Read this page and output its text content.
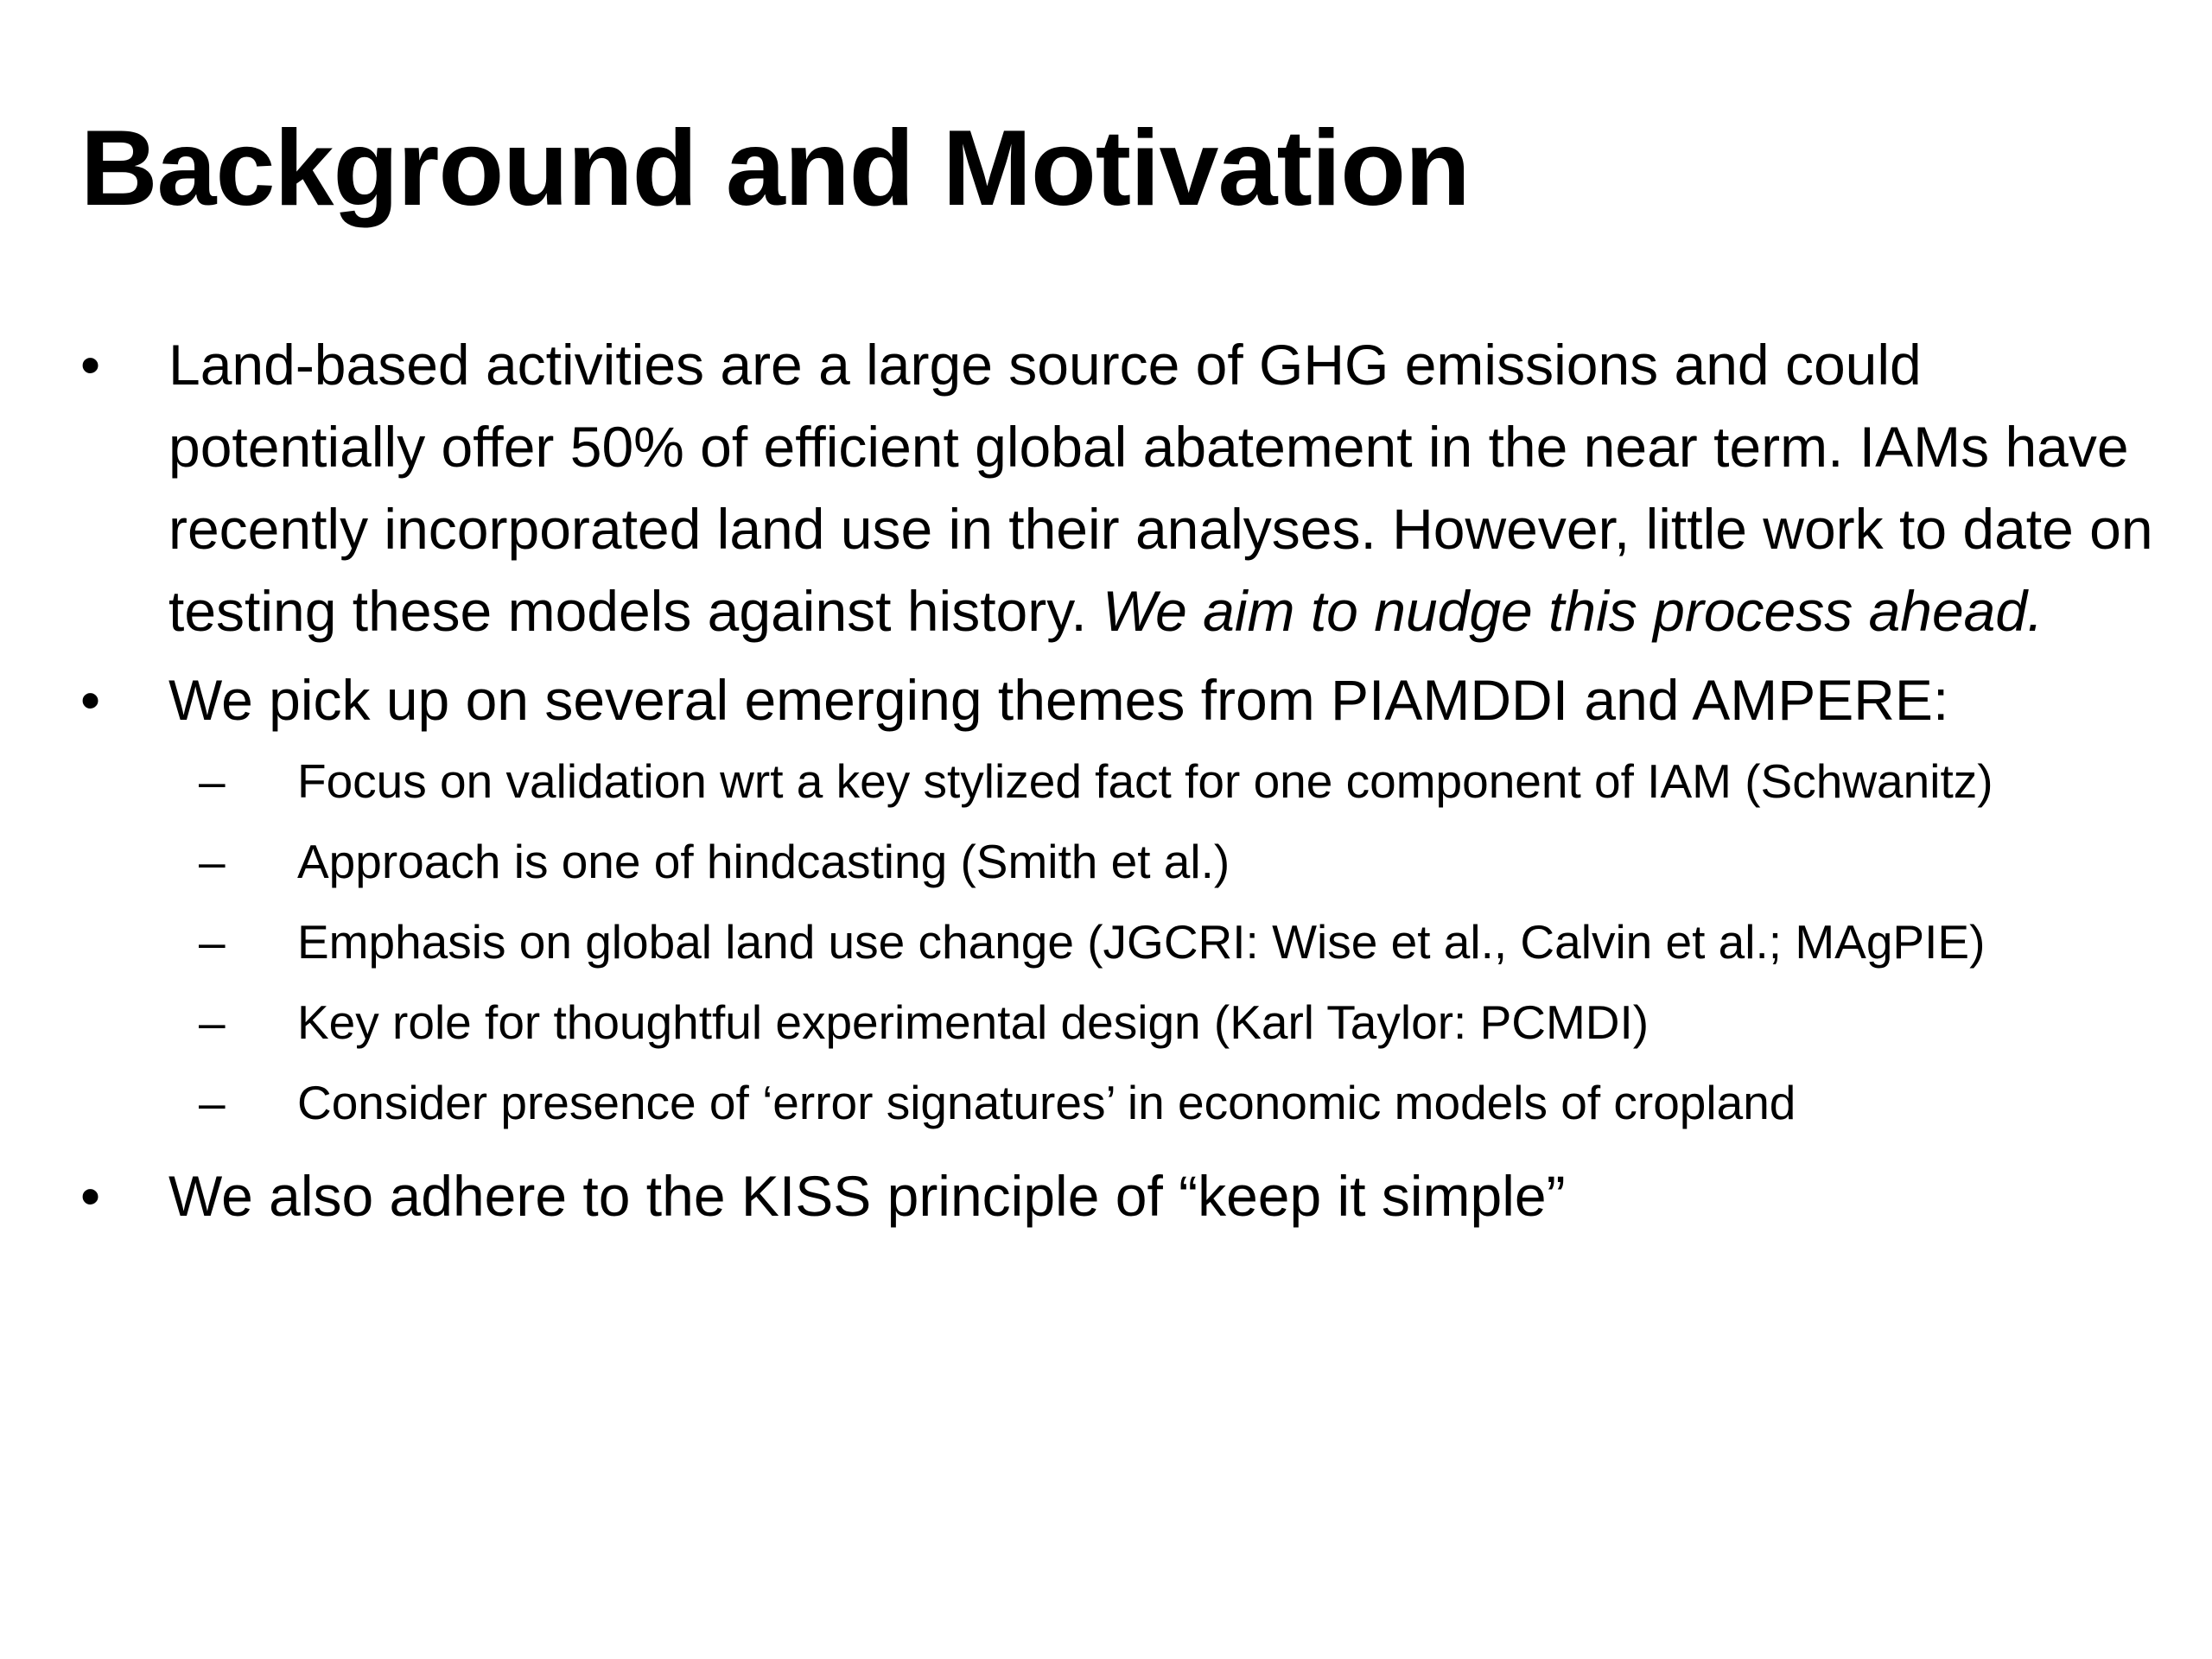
Background and Motivation
• Land-based activities are a large source of GHG emissions and could potentially offer 50% of efficient global abatement in the near term. IAMs have recently incorporated land use in their analyses. However, little work to date on testing these models against history. We aim to nudge this process ahead.
• We pick up on several emerging themes from PIAMDDI and AMPERE:
– Focus on validation wrt a key stylized fact for one component of IAM (Schwanitz)
– Approach is one of hindcasting (Smith et al.)
– Emphasis on global land use change (JGCRI: Wise et al., Calvin et al.; MAgPIE)
– Key role for thoughtful experimental design (Karl Taylor: PCMDI)
– Consider presence of ‘error signatures’ in economic models of cropland
• We also adhere to the KISS principle of “keep it simple”
